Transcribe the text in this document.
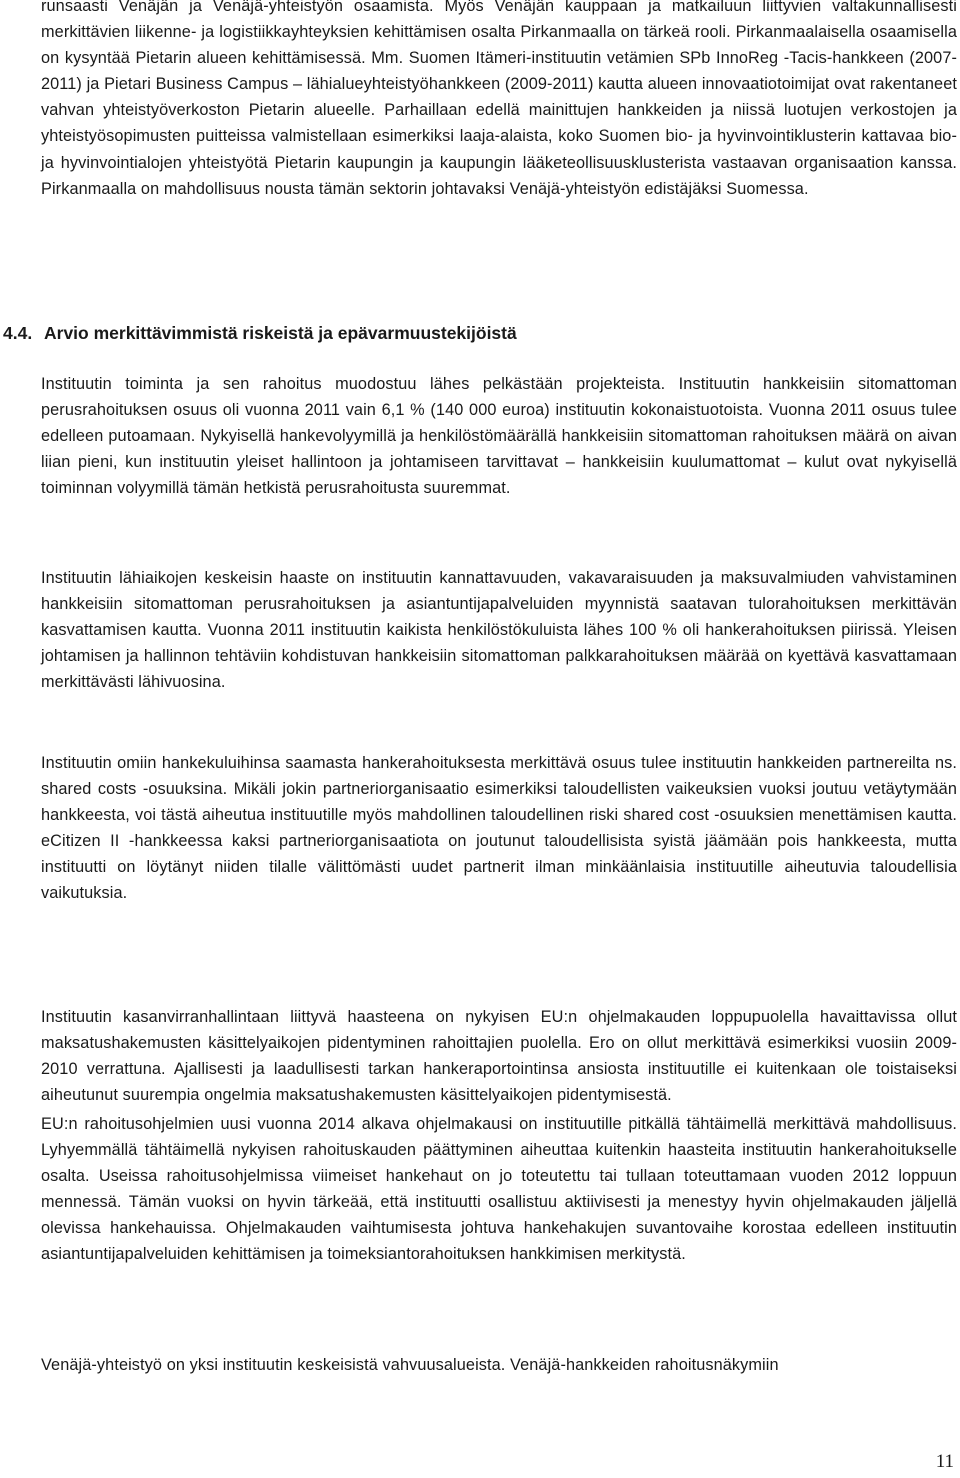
runsaasti Venäjän ja Venäjä-yhteistyön osaamista. Myös Venäjän kauppaan ja matkailuun liittyvien valtakunnallisesti merkittävien liikenne- ja logistiikkayhteyksien kehittämisen osalta Pirkanmaalla on tärkeä rooli. Pirkanmaalaisella osaamisella on kysyntää Pietarin alueen kehittämisessä. Mm. Suomen Itämeri-instituutin vetämien SPb InnoReg -Tacis-hankkeen (2007-2011) ja Pietari Business Campus – lähialueyhteistyöhankkeen (2009-2011) kautta alueen innovaatiotoimijat ovat rakentaneet vahvan yhteistyöverkoston Pietarin alueelle. Parhaillaan edellä mainittujen hankkeiden ja niissä luotujen verkostojen ja yhteistyösopimusten puitteissa valmistellaan esimerkiksi laaja-alaista, koko Suomen bio- ja hyvinvointiklusterin kattavaa bio- ja hyvinvointialojen yhteistyötä Pietarin kaupungin ja kaupungin lääketeollisuusklusterista vastaavan organisaation kanssa. Pirkanmaalla on mahdollisuus nousta tämän sektorin johtavaksi Venäjä-yhteistyön edistäjäksi Suomessa.

4.4. Arvio merkittävimmistä riskeistä ja epävarmuustekijöistä

Instituutin toiminta ja sen rahoitus muodostuu lähes pelkästään projekteista. Instituutin hankkeisiin sitomattoman perusrahoituksen osuus oli vuonna 2011 vain 6,1 % (140 000 euroa) instituutin kokonaistuotoista. Vuonna 2011 osuus tulee edelleen putoamaan. Nykyisellä hankevolyymillä ja henkilöstömäärällä hankkeisiin sitomattoman rahoituksen määrä on aivan liian pieni, kun instituutin yleiset hallintoon ja johtamiseen tarvittavat – hankkeisiin kuulumattomat – kulut ovat nykyisellä toiminnan volyymillä tämän hetkistä perusrahoitusta suuremmat.

Instituutin lähiaikojen keskeisin haaste on instituutin kannattavuuden, vakavaraisuuden ja maksuvalmiuden vahvistaminen hankkeisiin sitomattoman perusrahoituksen ja asiantuntijapalveluiden myynnistä saatavan tulorahoituksen merkittävän kasvattamisen kautta. Vuonna 2011 instituutin kaikista henkilöstökuluista lähes 100 % oli hankerahoituksen piirissä. Yleisen johtamisen ja hallinnon tehtäviin kohdistuvan hankkeisiin sitomattoman palkkarahoituksen määrää on kyettävä kasvattamaan merkittävästi lähivuosina.

Instituutin omiin hankekuluihinsa saamasta hankerahoituksesta merkittävä osuus tulee instituutin hankkeiden partnereilta ns. shared costs -osuuksina. Mikäli jokin partneriorganisaatio esimerkiksi taloudellisten vaikeuksien vuoksi joutuu vetäytymään hankkeesta, voi tästä aiheutua instituutille myös mahdollinen taloudellinen riski shared cost -osuuksien menettämisen kautta. eCitizen II -hankkeessa kaksi partneriorganisaatiota on joutunut taloudellisista syistä jäämään pois hankkeesta, mutta instituutti on löytänyt niiden tilalle välittömästi uudet partnerit ilman minkäänlaisia instituutille aiheutuvia taloudellisia vaikutuksia.

Instituutin kasanvirranhallintaan liittyvä haasteena on nykyisen EU:n ohjelmakauden loppupuolella havaittavissa ollut maksatushakemusten käsittelyaikojen pidentyminen rahoittajien puolella. Ero on ollut merkittävä esimerkiksi vuosiin 2009-2010 verrattuna. Ajallisesti ja laadullisesti tarkan hankeraportointinsa ansiosta instituutille ei kuitenkaan ole toistaiseksi aiheutunut suurempia ongelmia maksatushakemusten käsittelyaikojen pidentymisestä.

EU:n rahoitusohjelmien uusi vuonna 2014 alkava ohjelmakausi on instituutille pitkällä tähtäimellä merkittävä mahdollisuus. Lyhyemmällä tähtäimellä nykyisen rahoituskauden päättyminen aiheuttaa kuitenkin haasteita instituutin hankerahoitukselle osalta. Useissa rahoitusohjelmissa viimeiset hankehaut on jo toteutettu tai tullaan toteuttamaan vuoden 2012 loppuun mennessä. Tämän vuoksi on hyvin tärkeää, että instituutti osallistuu aktiivisesti ja menestyy hyvin ohjelmakauden jäljellä olevissa hankehauissa. Ohjelmakauden vaihtumisesta johtuva hankehakujen suvantovaihe korostaa edelleen instituutin asiantuntijapalveluiden kehittämisen ja toimeksiantorahoituksen hankkimisen merkitystä.

Venäjä-yhteistyö on yksi instituutin keskeisistä vahvuusalueista. Venäjä-hankkeiden rahoitusnäkymiin

11
